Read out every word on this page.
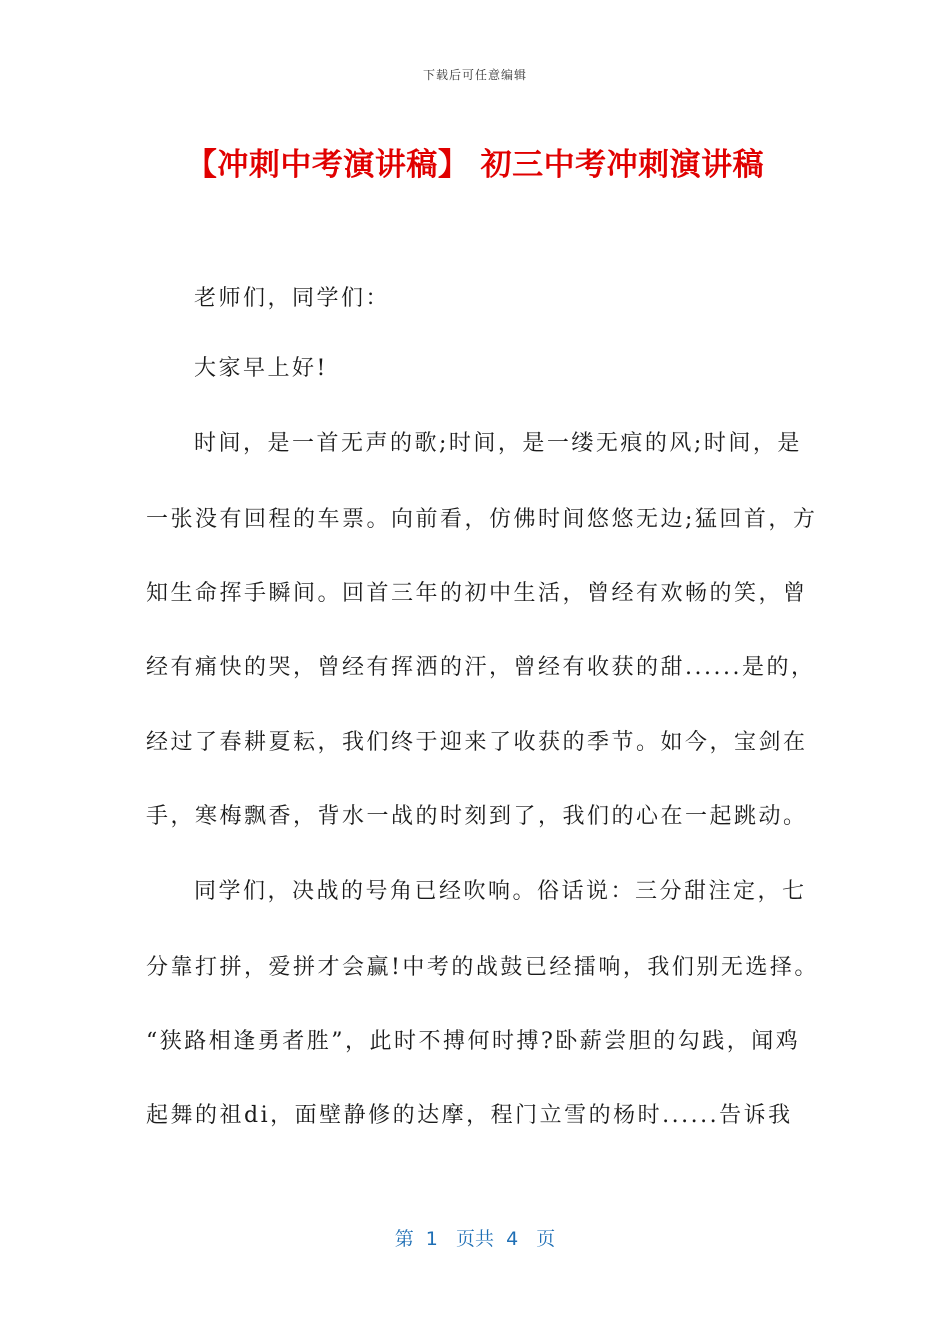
下载后可任意编辑
【冲刺中考演讲稿】 初三中考冲刺演讲稿
老师们，同学们：
大家早上好!
时间，是一首无声的歌;时间，是一缕无痕的风;时间，是
一张没有回程的车票。向前看，仿佛时间悠悠无边;猛回首，方
知生命挥手瞬间。回首三年的初中生活，曾经有欢畅的笑，曾
经有痛快的哭，曾经有挥洒的汗，曾经有收获的甜......是的，
经过了春耕夏耘，我们终于迎来了收获的季节。如今，宝剑在
手，寒梅飘香，背水一战的时刻到了，我们的心在一起跳动。
同学们，决战的号角已经吹响。俗话说：三分甜注定，七
分靠打拼，爱拼才会赢!中考的战鼓已经擂响，我们别无选择。
“狭路相逢勇者胜”，此时不搏何时搏?卧薪尝胆的勾践，闻鸡
起舞的祖di，面壁静修的达摩，程门立雪的杨时......告诉我
第  1   页共  4   页
